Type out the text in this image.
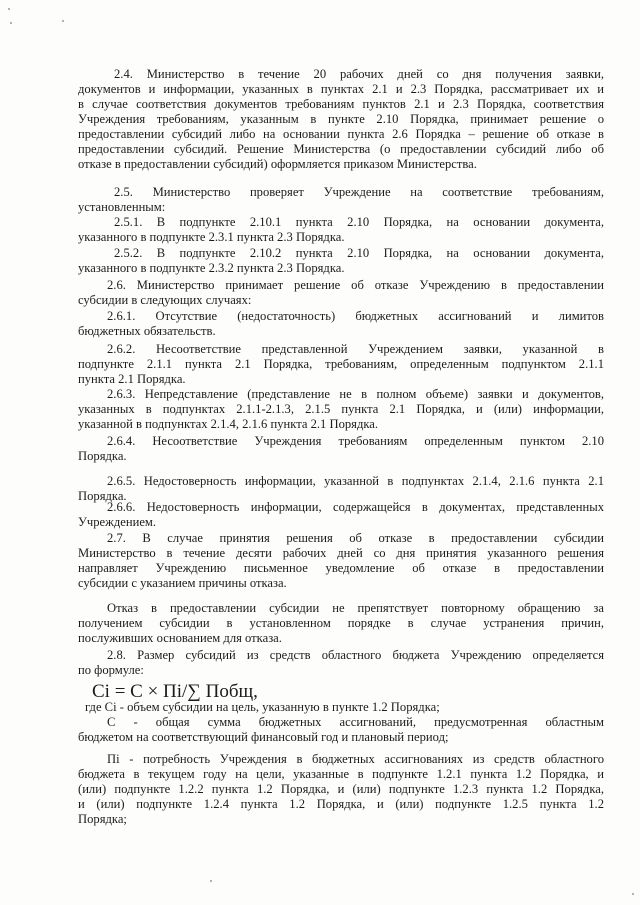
2.4. Министерство в течение 20 рабочих дней со дня получения заявки,
документов и информации, указанных в пунктах 2.1 и 2.3 Порядка, рассматривает их и
в случае соответствия документов требованиям пунктов 2.1 и 2.3 Порядка, соответствия
Учреждения требованиям, указанным в пункте 2.10 Порядка, принимает решение о
предоставлении субсидий либо на основании пункта 2.6 Порядка – решение об отказе в
предоставлении субсидий. Решение Министерства (о предоставлении субсидий либо об
отказе в предоставлении субсидий) оформляется приказом Министерства.
2.5. Министерство проверяет Учреждение на соответствие требованиям,
установленным:
2.5.1. В подпункте 2.10.1 пункта 2.10 Порядка, на основании документа,
указанного в подпункте 2.3.1 пункта 2.3 Порядка.
2.5.2. В подпункте 2.10.2 пункта 2.10 Порядка, на основании документа,
указанного в подпункте 2.3.2 пункта 2.3 Порядка.
2.6. Министерство принимает решение об отказе Учреждению в предоставлении
субсидии в следующих случаях:
2.6.1. Отсутствие (недостаточность) бюджетных ассигнований и лимитов
бюджетных обязательств.
2.6.2. Несоответствие представленной Учреждением заявки, указанной в
подпункте 2.1.1 пункта 2.1 Порядка, требованиям, определенным подпунктом 2.1.1
пункта 2.1 Порядка.
2.6.3. Непредставление (представление не в полном объеме) заявки и документов,
указанных в подпунктах 2.1.1-2.1.3, 2.1.5 пункта 2.1 Порядка, и (или) информации,
указанной в подпунктах 2.1.4, 2.1.6 пункта 2.1 Порядка.
2.6.4. Несоответствие Учреждения требованиям определенным пунктом 2.10
Порядка.
2.6.5. Недостоверность информации, указанной в подпунктах 2.1.4, 2.1.6 пункта 2.1
Порядка.
2.6.6. Недостоверность информации, содержащейся в документах, представленных
Учреждением.
2.7. В случае принятия решения об отказе в предоставлении субсидии
Министерство в течение десяти рабочих дней со дня принятия указанного решения
направляет Учреждению письменное уведомление об отказе в предоставлении
субсидии с указанием причины отказа.
Отказ в предоставлении субсидии не препятствует повторному обращению за
получением субсидии в установленном порядке в случае устранения причин,
послуживших основанием для отказа.
2.8. Размер субсидий из средств областного бюджета Учреждению определяется
по формуле:
где Ci - объем субсидии на цель, указанную в пункте 1.2 Порядка;
C - общая сумма бюджетных ассигнований, предусмотренная областным
бюджетом на соответствующий финансовый год и плановый период;
Пi - потребность Учреждения в бюджетных ассигнованиях из средств областного
бюджета в текущем году на цели, указанные в подпункте 1.2.1 пункта 1.2 Порядка, и
(или) подпункте 1.2.2 пункта 1.2 Порядка, и (или) подпункте 1.2.3 пункта 1.2 Порядка,
и (или) подпункте 1.2.4 пункта 1.2 Порядка, и (или) подпункте 1.2.5 пункта 1.2
Порядка;
Ci = C × Пi/∑ Побщ,
